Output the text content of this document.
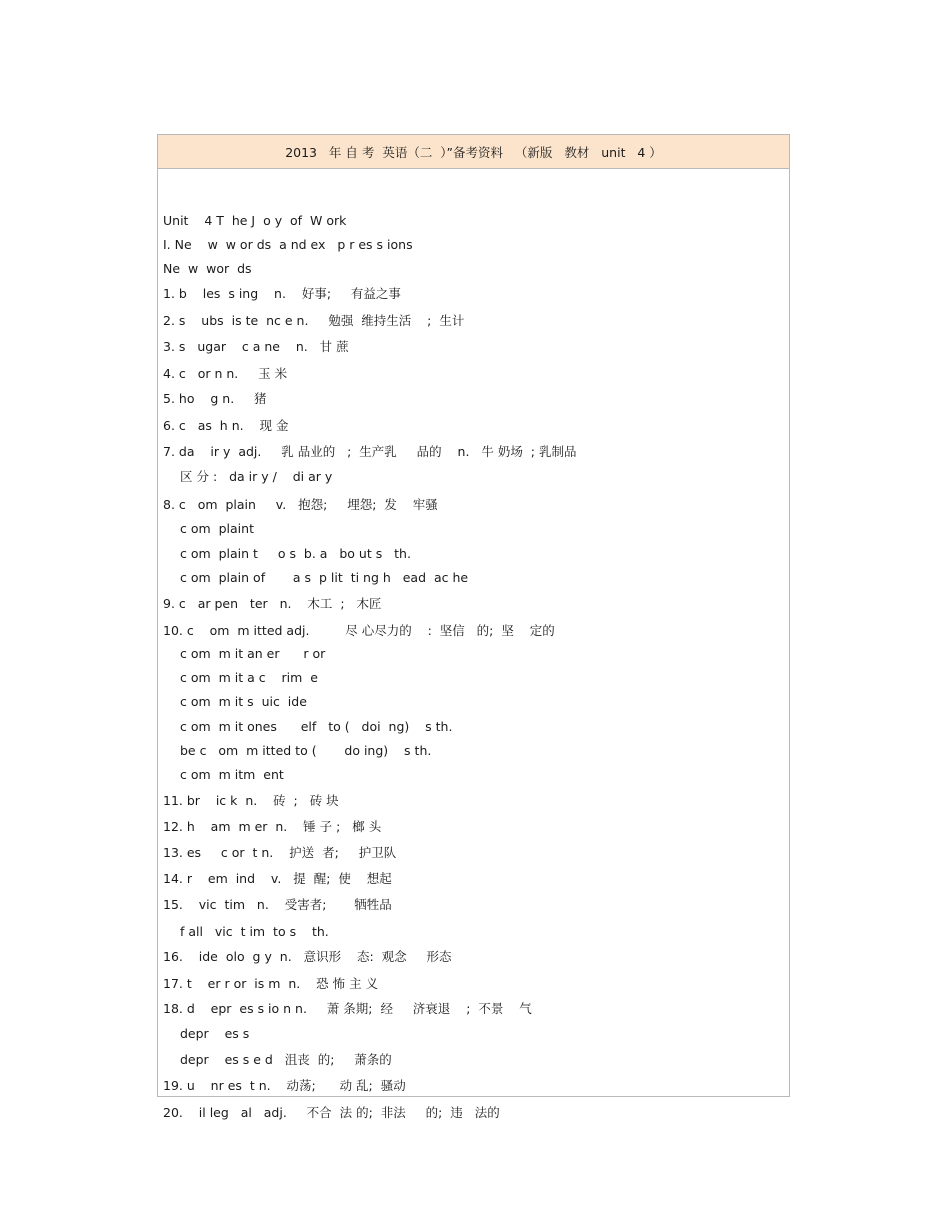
2013   年 自 考  英语（二  ）”备考资料   （新版   教材   unit   4 ）
Unit    4 T  he J  o y  of  W ork
I. Ne    w  w or ds  a nd ex   p r es s ions
Ne  w  wor  ds
1. b    les  s ing    n.    好事;     有益之事
2. s    ubs  is te  nc e n.     勉强  维持生活    ;  生计
3. s   ugar    c a ne    n.   甘 蔗
4. c   or n n.     玉 米
5. ho    g n.     猪
6. c   as  h n.    现 金
7. da    ir y  adj.     乳 品业的   ;  生产乳     品的    n.   牛 奶场  ; 乳制品
区 分 :   da ir y /    di ar y
8. c   om  plain     v.   抱怨;     埋怨;  发    牢骚
c om  plaint
c om  plain t     o s  b. a   bo ut s   th.
c om  plain of       a s  p lit  ti ng h   ead  ac he
9. c   ar pen   ter   n.    木工  ;   木匠
10. c    om  m itted adj.         尽 心尽力的    :  坚信   的;  坚    定的
c om  m it an er      r or
c om  m it a c    rim  e
c om  m it s  uic  ide
c om  m it ones      elf   to (   doi  ng)    s th.
be c   om  m itted to (       do ing)    s th.
c om  m itm  ent
11. br    ic k  n.    砖  ;   砖 块
12. h    am  m er  n.    锤 子 ;   榔 头
13. es     c or  t n.    护送  者;     护卫队
14. r    em  ind    v.   提  醒;  使    想起
15.    vic  tim   n.    受害者;       牺牲品
f all   vic  t im  to s    th.
16.    ide  olo  g y  n.   意识形    态:  观念     形态
17. t    er r or  is m  n.    恐 怖 主 义
18. d    epr  es s io n n.     萧 条期;  经     济衰退    ;  不景    气
depr    es s
depr    es s e d   沮丧  的;     萧条的
19. u    nr es  t n.    动荡;      动 乱;  骚动
20.    il leg   al   adj.     不合  法 的;  非法     的;  违   法的
